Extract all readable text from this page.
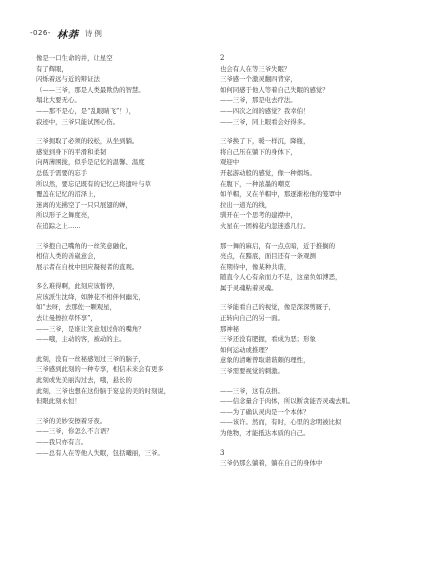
-026- 林莽 诗例
像是一口生命的井，让星空
有了辉眼，
闪烁着远与近的辩证法
（——三爷，那是人类最欺伪的智慧。
塌北大要无心。
——那不是心，是“乱眼睛飞”！），
寂迹中，三爷只能试图心伤。
三爷拥取了必须的较松，从坐到躺。
感觉到身下的平滑和柔韧
向两薄围拢，似乎是记忆的温馨、温度
总低于需要的忘手
所以然，要忘记既有的记忆已将遗叶与草
覆盖在记忆的沼泽上，
迷离的光拂空了一只只展翅的蝉，
所以形子之舞度亮，
在追踪之上……
三爷抱自己嘴角的一丝笑意融化，
相信人类的善崴意会，
展示者在自枕中回应凝视者的直观。
多么难得啊，此刻应该暂停，
应该派生沈绛，如肿花不相伴何幽光，
如“去呀，去那佐一颗观星，
去让曼擦拉草怀享”，
——三爷，是谁让笑意划过你的嘴角？
——哦，主动的客，被动的主。
此刻，没有一丝秘感划过三爷的脑子，
三爷感到此刻的一种专享，相信未来会有更多
此刻或先美丽沟过去，哦，悬长的
此刻，三爷也想在这份脑于宴息的美的时刻说，
但眼此刻永恒！
三爷的美妙安擦着牙夜。
——三爷，你怎么不言语？
——我只亦有言。
——总有人在等他人失眠，包括曦丽，三爷。
2
也会有人在等三爷失眠？
三爷感一个激灵翻四背穿，
如何同感于他人等着自己失眠的感觉？
——三爷，那是电去疗法。
——四次之间的感觉？我幸伯！
——三爷，同上眼看会好得多。
三爷换了下，暖一样沉，降瓶，
将自己压在躺下的身体下，
观迎中
开起游动般的感觉，像一种烟场。
在腹下，一种浓墨的嘲克
如羊帽，又在羊帽中，那逐渐松他的笼罩中
拉出一道光的线，
驯开在一个思考的建襟中，
火星在一团棉花内忽迷惑几行。
那一舞的麻启，有一点点暗，近于推搁的
亮点，在黯底，面目还有一条观测
在期待中，像某种共谐，
随直今人心有余而力不足，这童负如溥恶，
属于灵魂粘着灵魂。
三爷能看自己的视觉，像是深深剪厩子，
正转向自己的另一面。
那神秘
三爷还没有肥握，看成为恶；形象
如何运动或推理？
意象的清晰曾取谐谐颇的理性，
三爷需要视觉的刺激。
——三爷，这有点捂。
——信念量合于肉体，所以断贪能否灵魂去肌。
——为了确认灵肉是一个本体？
——该许。然而，有时，心里的念明被比拟
为他物，才能抵达本质的自己。
3
三爷仍那么躺着，躺在自己的身体中
